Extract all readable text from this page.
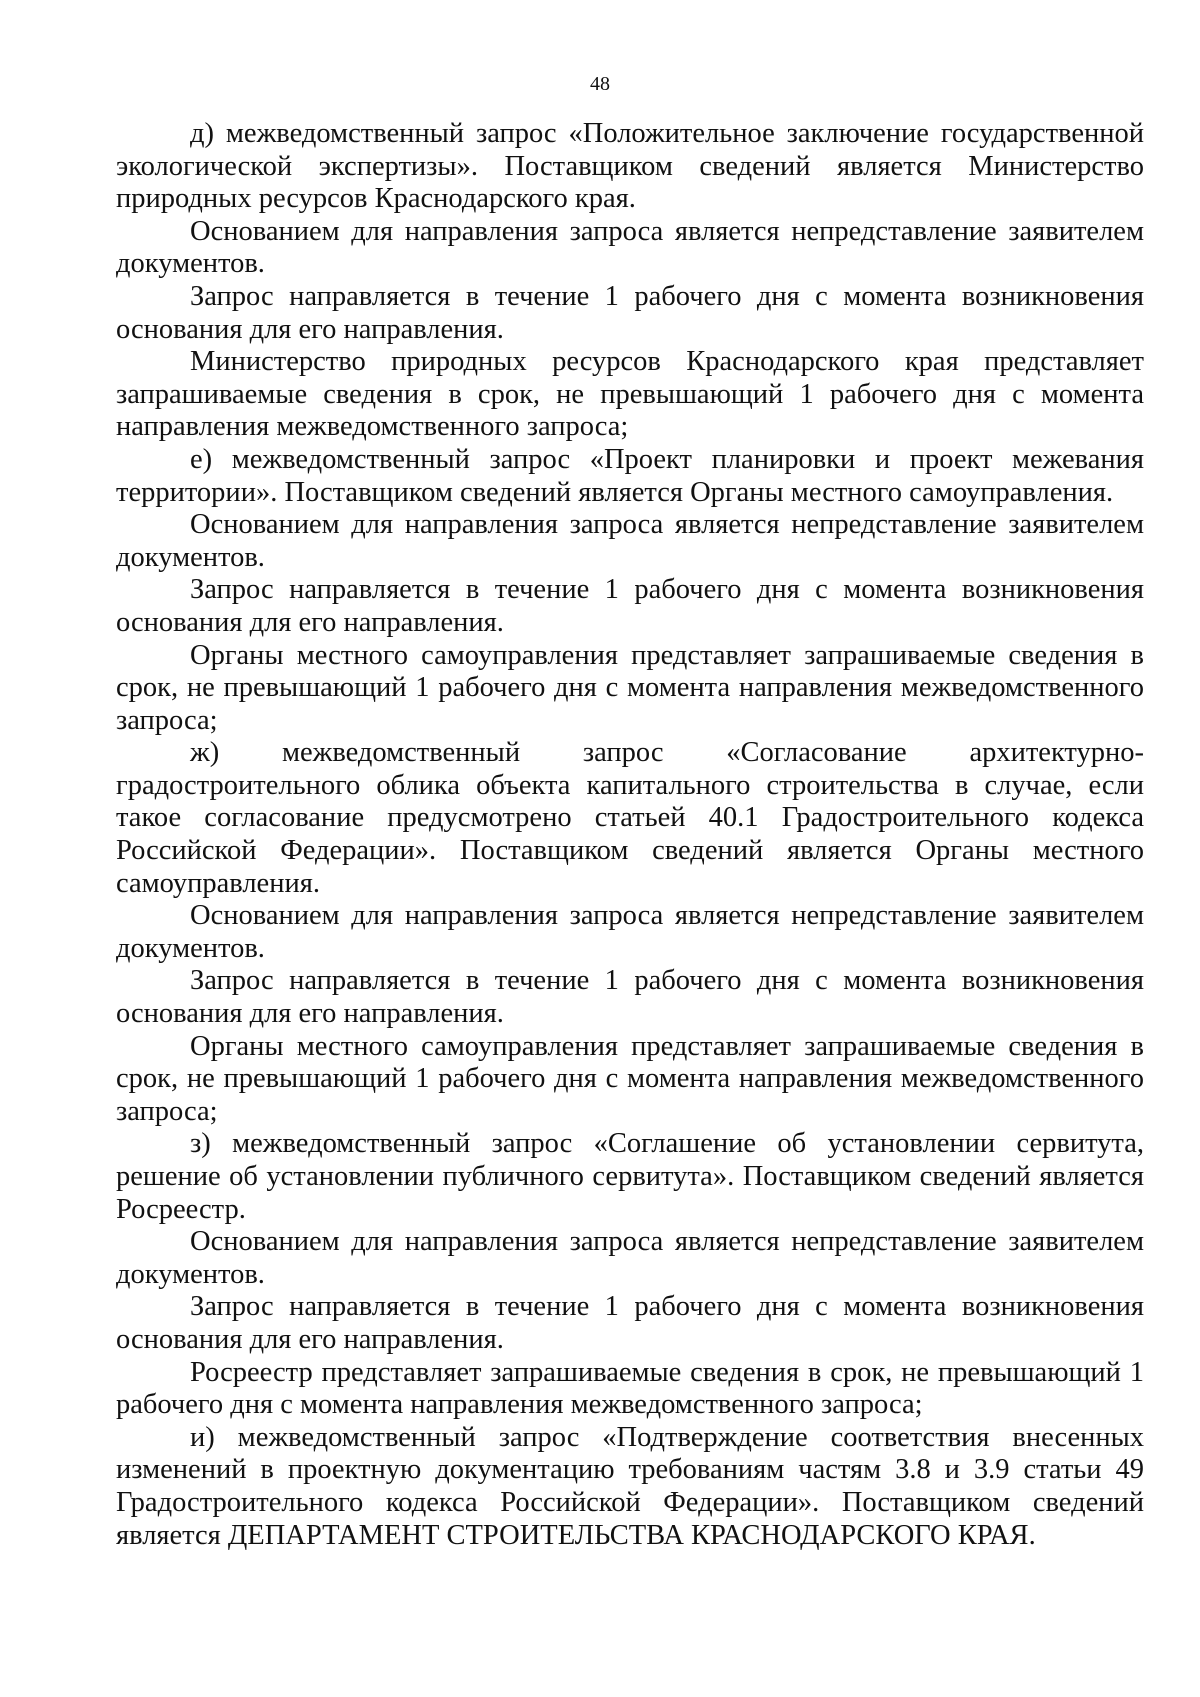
48

д) межведомственный запрос «Положительное заключение государственной экологической экспертизы». Поставщиком сведений является Министерство природных ресурсов Краснодарского края.

Основанием для направления запроса является непредставление заявителем документов.

Запрос направляется в течение 1 рабочего дня с момента возникновения основания для его направления.

Министерство природных ресурсов Краснодарского края представляет запрашиваемые сведения в срок, не превышающий 1 рабочего дня с момента направления межведомственного запроса;

е) межведомственный запрос «Проект планировки и проект межевания территории». Поставщиком сведений является Органы местного самоуправления.

Основанием для направления запроса является непредставление заявителем документов.

Запрос направляется в течение 1 рабочего дня с момента возникновения основания для его направления.

Органы местного самоуправления представляет запрашиваемые сведения в срок, не превышающий 1 рабочего дня с момента направления межведомственного запроса;

ж) межведомственный запрос «Согласование архитектурно-градостроительного облика объекта капитального строительства в случае, если такое согласование предусмотрено статьей 40.1 Градостроительного кодекса Российской Федерации». Поставщиком сведений является Органы местного самоуправления.

Основанием для направления запроса является непредставление заявителем документов.

Запрос направляется в течение 1 рабочего дня с момента возникновения основания для его направления.

Органы местного самоуправления представляет запрашиваемые сведения в срок, не превышающий 1 рабочего дня с момента направления межведомственного запроса;

з) межведомственный запрос «Соглашение об установлении сервитута, решение об установлении публичного сервитута». Поставщиком сведений является Росреестр.

Основанием для направления запроса является непредставление заявителем документов.

Запрос направляется в течение 1 рабочего дня с момента возникновения основания для его направления.

Росреестр представляет запрашиваемые сведения в срок, не превышающий 1 рабочего дня с момента направления межведомственного запроса;

и) межведомственный запрос «Подтверждение соответствия внесенных изменений в проектную документацию требованиям частям 3.8 и 3.9 статьи 49 Градостроительного кодекса Российской Федерации». Поставщиком сведений является ДЕПАРТАМЕНТ СТРОИТЕЛЬСТВА КРАСНОДАРСКОГО КРАЯ.
